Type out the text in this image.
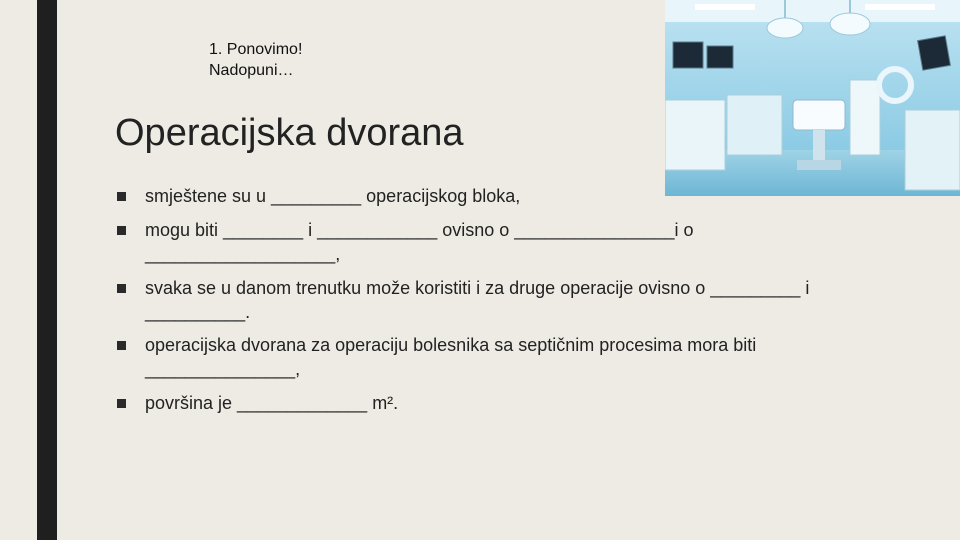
1. Ponovimo!
Nadopuni…
Operacijska dvorana
smještene su u _________ operacijskog bloka,
mogu biti ________ i ____________ ovisno o ________________i o ___________________,
svaka se u danom trenutku može koristiti i za druge operacije ovisno o _________ i __________.
operacijska dvorana za operaciju bolesnika sa septičnim procesima mora biti _______________,
površina je _____________ m².
